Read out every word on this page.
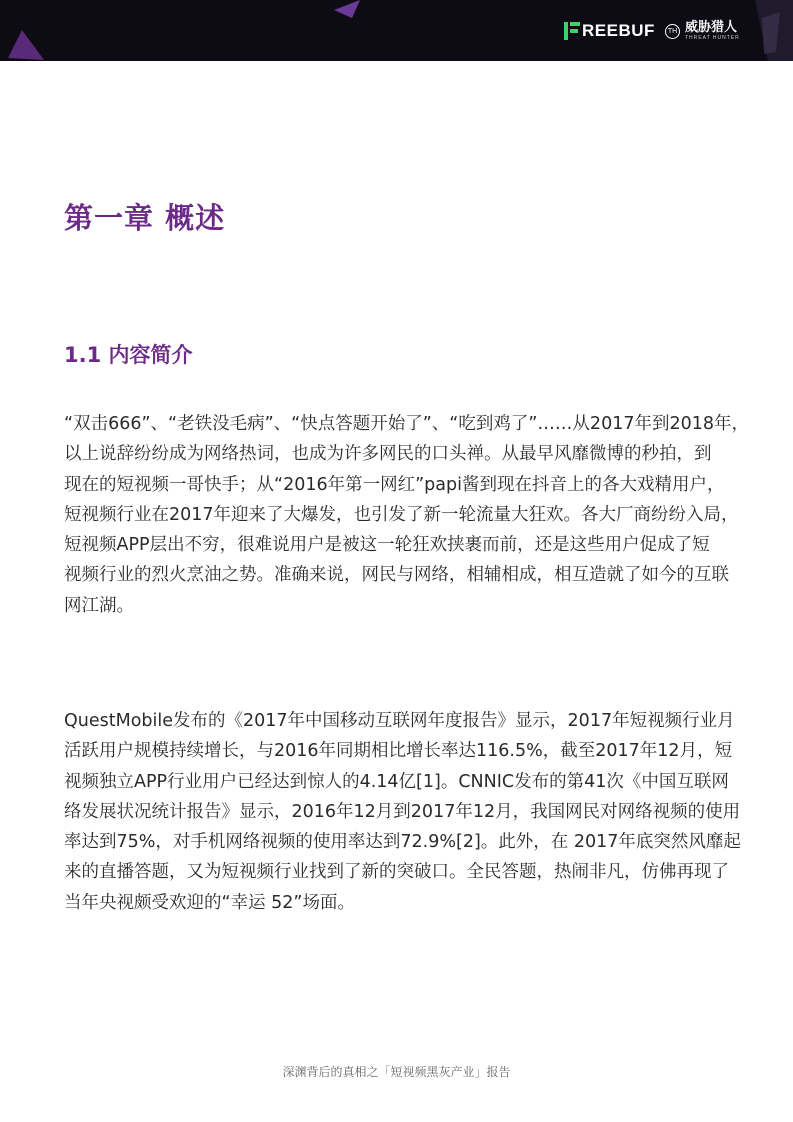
REEBUF	TH 威胁猎人
THREAT HUNTER
第一章 概述
1.1 内容简介

“双击666”、“老铁没毛病”、“快点答题开始了”、“吃到鸡了”……从2017年到2018年，
以上说辞纷纷成为网络热词，也成为许多网民的口头禅。从最早风靡微博的秒拍，到
现在的短视频一哥快手；从“2016年第一网红”papi酱到现在抖音上的各大戏精用户，
短视频行业在2017年迎来了大爆发，也引发了新一轮流量大狂欢。各大厂商纷纷入局，
短视频APP层出不穷，很难说用户是被这一轮狂欢挟裹而前，还是这些用户促成了短
视频行业的烈火烹油之势。准确来说，网民与网络，相辅相成，相互造就了如今的互联
网江湖。

QuestMobile发布的《2017年中国移动互联网年度报告》显示，2017年短视频行业月
活跃用户规模持续增长，与2016年同期相比增长率达116.5%，截至2017年12月，短
视频独立APP行业用户已经达到惊人的4.14亿[1]。CNNIC发布的第41次《中国互联网
络发展状况统计报告》显示，2016年12月到2017年12月，我国网民对网络视频的使用
率达到75%，对手机网络视频的使用率达到72.9%[2]。此外，在 2017年底突然风靡起
来的直播答题，又为短视频行业找到了新的突破口。全民答题，热闹非凡，仿佛再现了
当年央视颇受欢迎的“幸运 52”场面。

深渊背后的真相之「短视频黑灰产业」报告
